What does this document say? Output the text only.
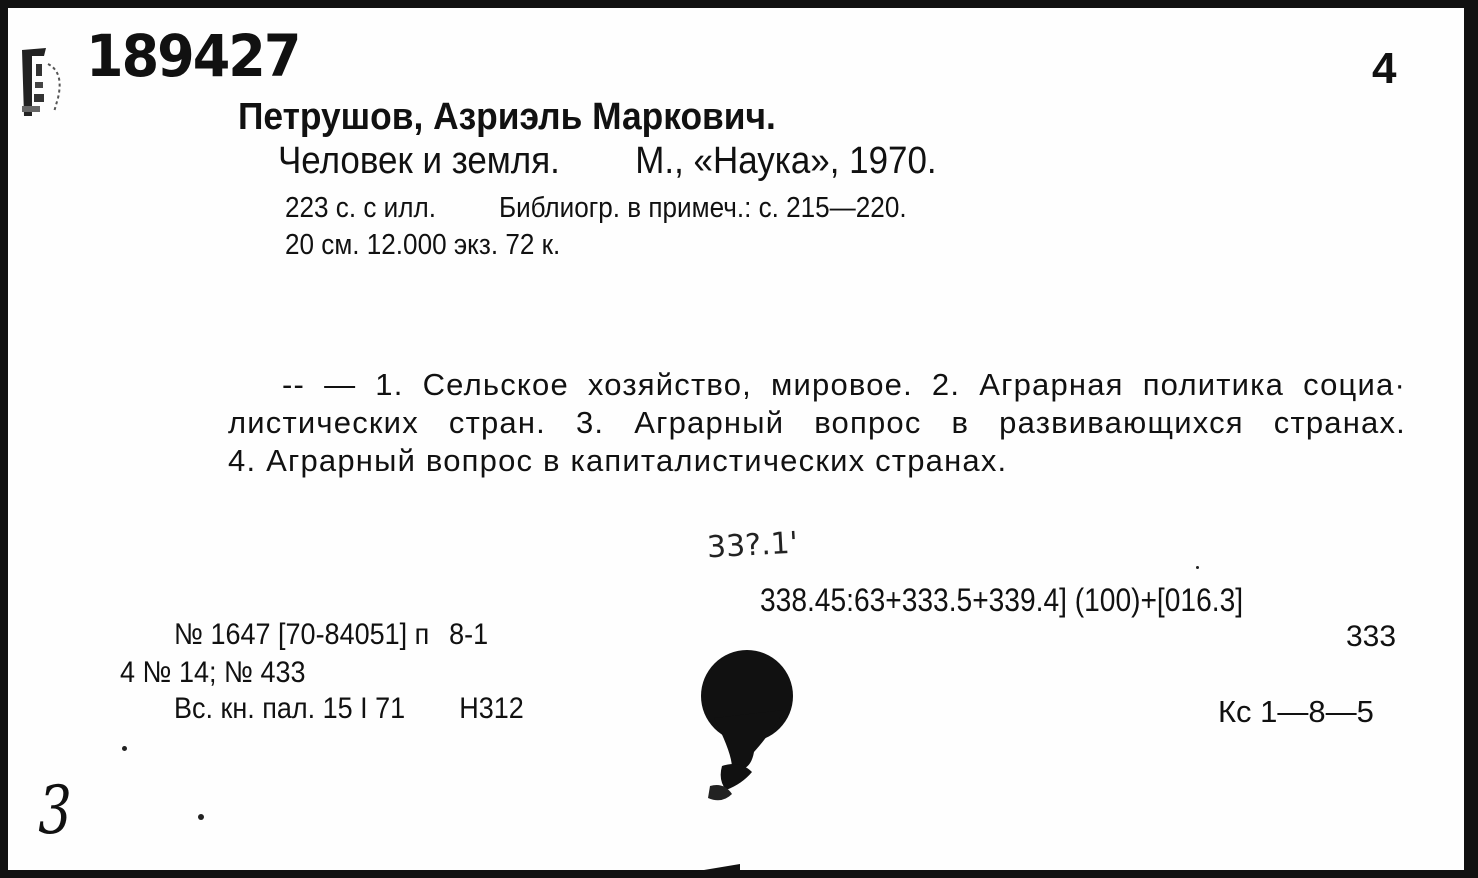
189427	4
Петрушов, Азриэль Маркович.
Человек и земля. М., «Наука», 1970.
223 с. с илл. Библиогр. в примеч.: с. 215—220.
20 см. 12.000 экз. 72 к.
-- — 1. Сельское хозяйство, мировое. 2. Аграрная политика социа·
листических стран. 3. Аграрный вопрос в развивающихся странах.
4. Аграрный вопрос в капиталистических странах.
33?.1'
338.45:63+333.5+339.4] (100)+[016.3]
333
№ 1647 [70-84051] п 8-1
4 № 14; № 433
Вс. кн. пал. 15 I 71 Н312	Кс 1—8—5
3
